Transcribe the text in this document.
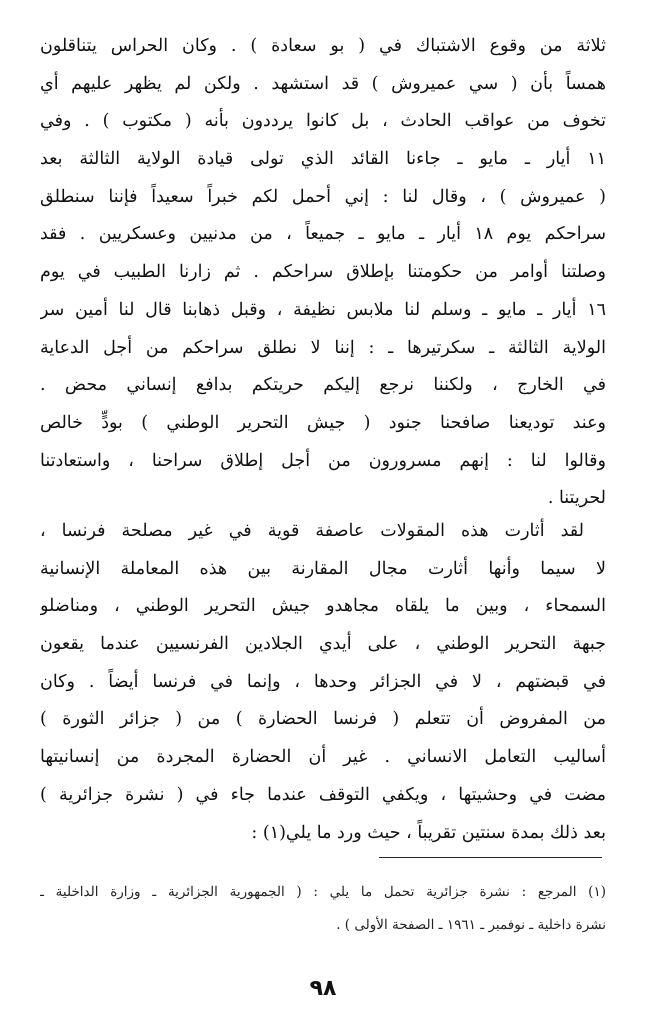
ثلاثة من وقوع الاشتباك في ( بو سعادة ) . وكان الحراس يتناقلون
همساً بأن ( سي عميروش ) قد استشهد . ولكن لم يظهر عليهم أي
تخوف من عواقب الحادث ، بل كانوا يرددون بأنه ( مكتوب ) . وفي
١١ أيار ـ مايو ـ جاءنا القائد الذي تولى قيادة الولاية الثالثة بعد
( عميروش ) ، وقال لنا : إني أحمل لكم خبراً سعيداً فإننا سنطلق
سراحكم يوم ١٨ أيار ـ مايو ـ جميعاً ، من مدنيين وعسكريين . فقد
وصلتنا أوامر من حكومتنا بإطلاق سراحكم . ثم زارنا الطبيب في يوم
١٦ أيار ـ مايو ـ وسلم لنا ملابس نظيفة ، وقبل ذهابنا قال لنا أمين سر
الولاية الثالثة ـ سكرتيرها ـ : إننا لا نطلق سراحكم من أجل الدعاية
في الخارج ، ولكننا نرجع إليكم حريتكم بدافع إنساني محض .
وعند توديعنا صافحنا جنود ( جيش التحرير الوطني ) بودٍّ خالص
وقالوا لنا : إنهم مسرورون من أجل إطلاق سراحنا ، واستعادتنا
لحريتنا .
لقد أثارت هذه المقولات عاصفة قوية في غير مصلحة فرنسا ،
لا سيما وأنها أثارت مجال المقارنة بين هذه المعاملة الإنسانية
السمحاء ، وبين ما يلقاه مجاهدو جيش التحرير الوطني ، ومناضلو
جبهة التحرير الوطني ، على أيدي الجلادين الفرنسيين عندما يقعون
في قبضتهم ، لا في الجزائر وحدها ، وإنما في فرنسا أيضاً . وكان
من المفروض أن تتعلم ( فرنسا الحضارة ) من ( جزائر الثورة )
أساليب التعامل الانساني . غير أن الحضارة المجردة من إنسانيتها
مضت في وحشيتها ، ويكفي التوقف عندما جاء في ( نشرة جزائرية )
بعد ذلك بمدة سنتين تقريباً ، حيث ورد ما يلي(١) :
(١) المرجع : نشرة جزائرية تحمل ما يلي : ( الجمهورية الجزائرية ـ وزارة الداخلية ـ
نشرة داخلية ـ نوفمبر ـ ١٩٦١ ـ الصفحة الأولى ) .
٩٨
